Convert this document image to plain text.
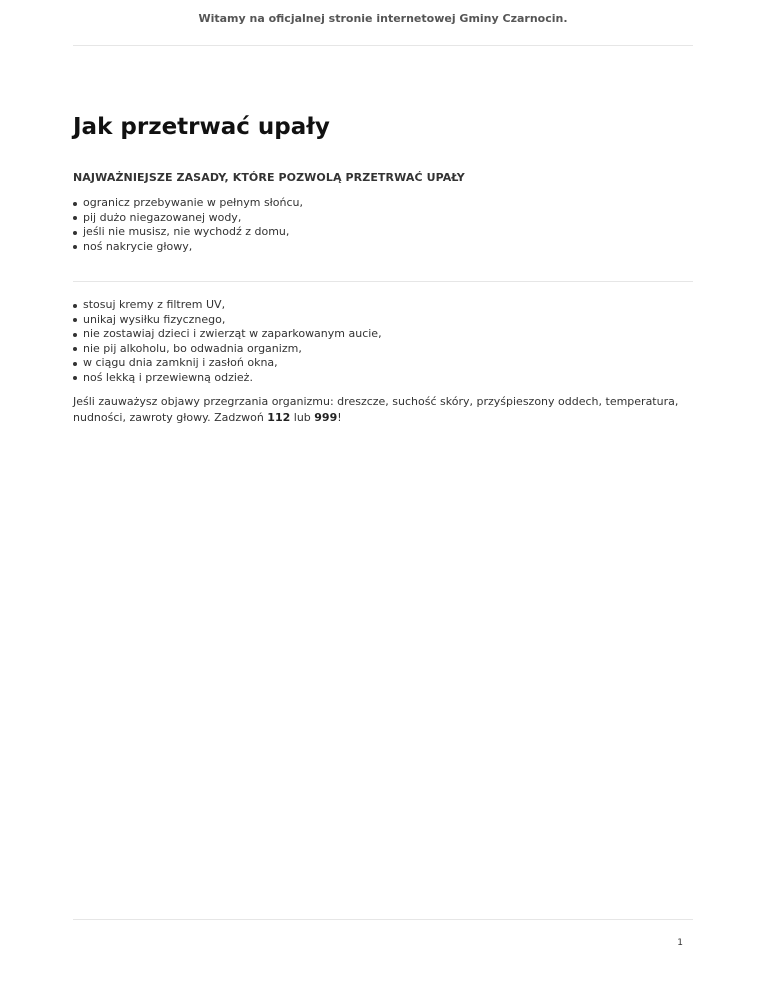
Witamy na oficjalnej stronie internetowej Gminy Czarnocin.
Jak przetrwać upały
NAJWAŻNIEJSZE ZASADY, KTÓRE POZWOLĄ PRZETRWAĆ UPAŁY
ogranicz przebywanie w pełnym słońcu,
pij dużo niegazowanej wody,
jeśli nie musisz, nie wychodź z domu,
noś nakrycie głowy,
stosuj kremy z filtrem UV,
unikaj wysiłku fizycznego,
nie zostawiaj dzieci i zwierząt w zaparkowanym aucie,
nie pij alkoholu, bo odwadnia organizm,
w ciągu dnia zamknij i zasłoń okna,
noś lekką i przewiewną odzież.

Jeśli zauważysz objawy przegrzania organizmu: dreszcze, suchość skóry, przyśpieszony oddech, temperatura, nudności, zawroty głowy. Zadzwoń 112 lub 999!

1
